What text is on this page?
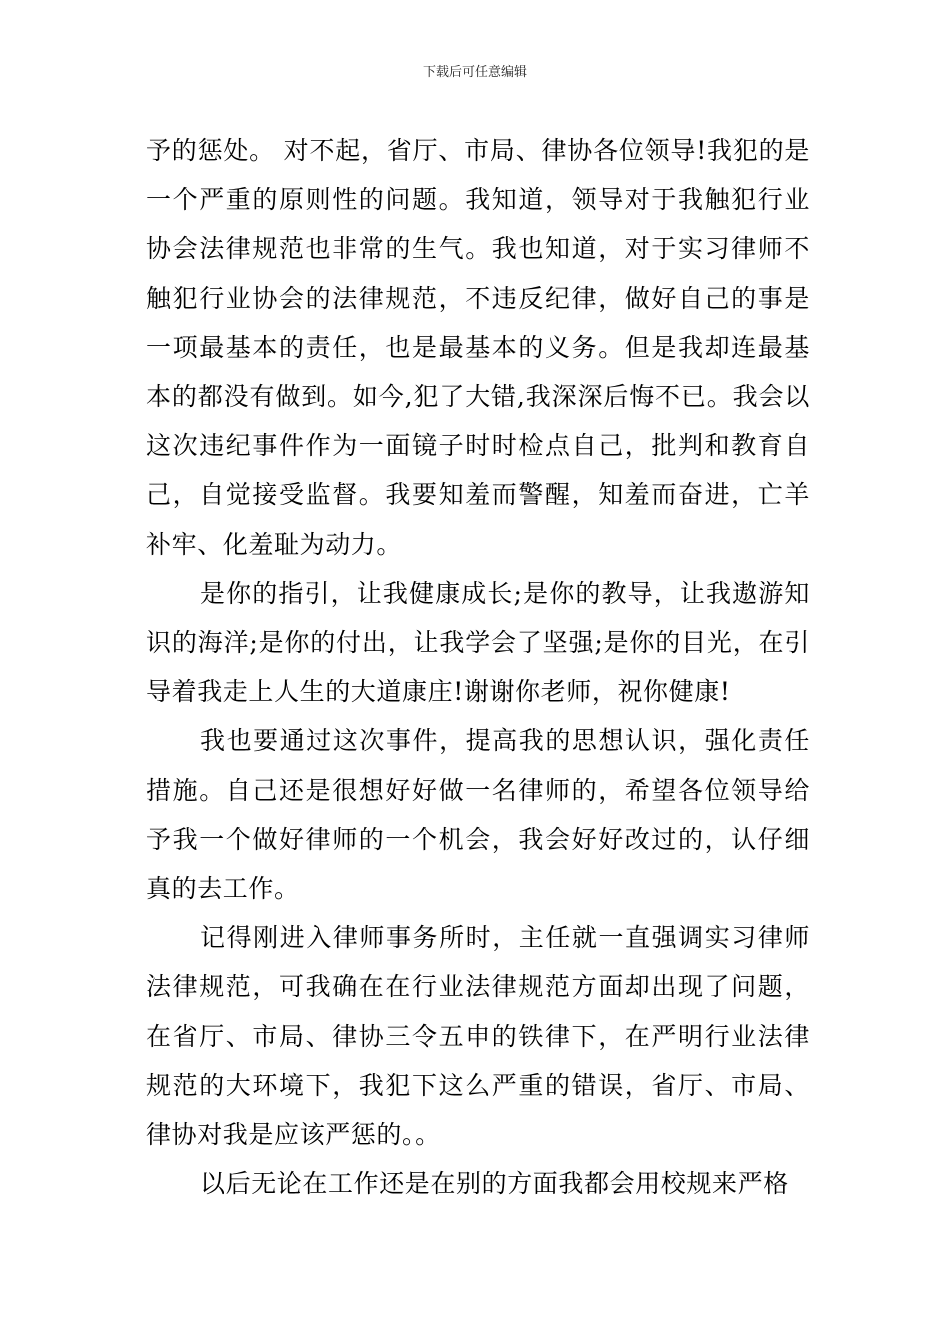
下载后可任意编辑

予的惩处。 对不起，省厅、市局、律协各位领导!我犯的是一个严重的原则性的问题。我知道，领导对于我触犯行业协会法律规范也非常的生气。我也知道，对于实习律师不触犯行业协会的法律规范，不违反纪律，做好自己的事是一项最基本的责任，也是最基本的义务。但是我却连最基本的都没有做到。如今,犯了大错,我深深后悔不已。我会以这次违纪事件作为一面镜子时时检点自己，批判和教育自己，自觉接受监督。我要知羞而警醒，知羞而奋进，亡羊补牢、化羞耻为动力。

是你的指引，让我健康成长;是你的教导，让我遨游知识的海洋;是你的付出，让我学会了坚强;是你的目光，在引导着我走上人生的大道康庄!谢谢你老师，祝你健康!

我也要通过这次事件，提高我的思想认识，强化责任措施。自己还是很想好好做一名律师的，希望各位领导给予我一个做好律师的一个机会，我会好好改过的，认仔细真的去工作。

记得刚进入律师事务所时，主任就一直强调实习律师法律规范，可我确在在行业法律规范方面却出现了问题，在省厅、市局、律协三令五申的铁律下，在严明行业法律规范的大环境下，我犯下这么严重的错误，省厅、市局、律协对我是应该严惩的。。

以后无论在工作还是在别的方面我都会用校规来严格
